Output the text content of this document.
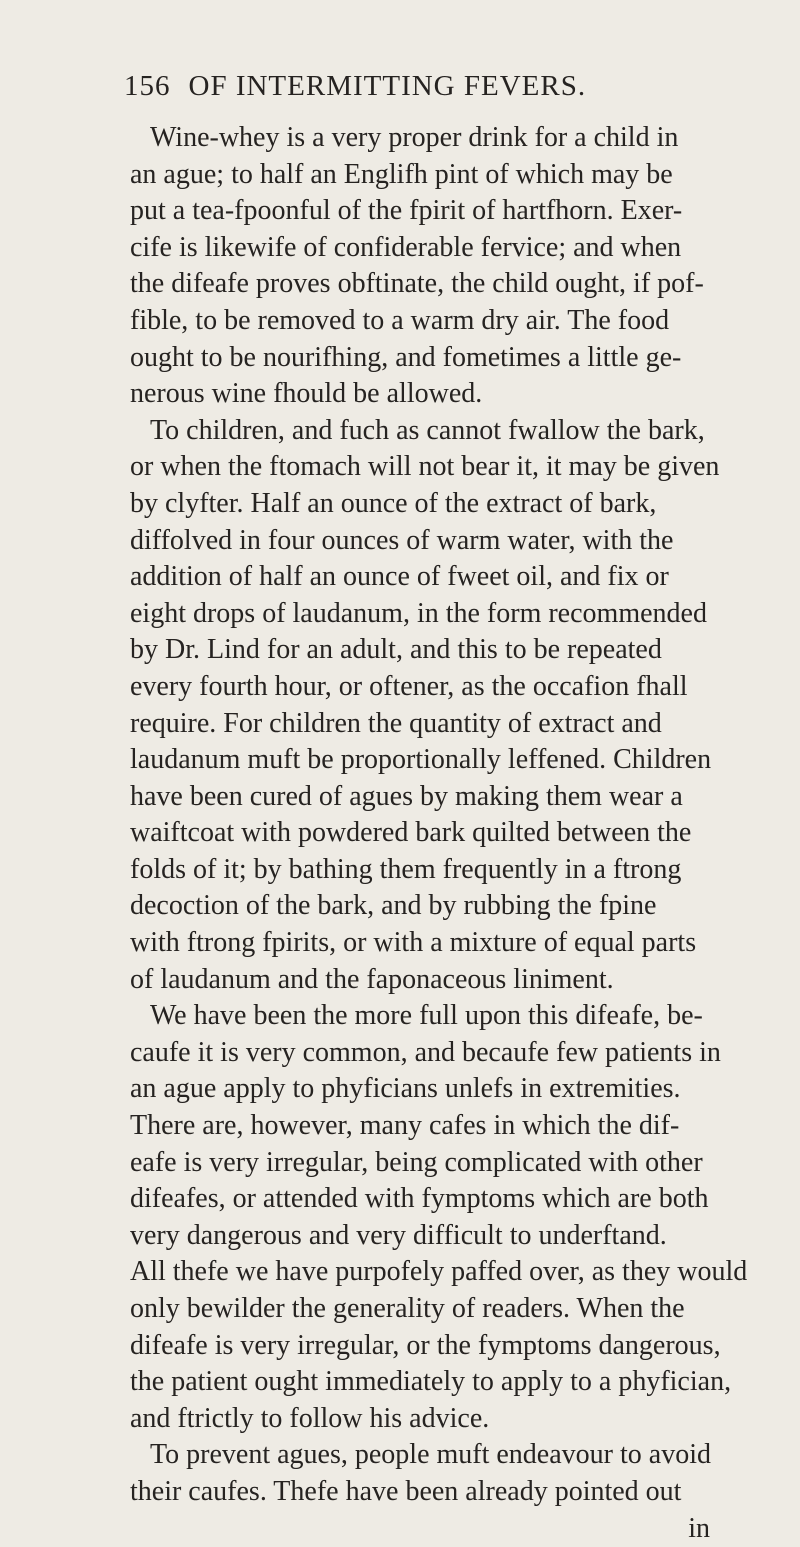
156 OF INTERMITTING FEVERS.

Wine-whey is a very proper drink for a child in
an ague; to half an Englifh pint of which may be
put a tea-fpoonful of the fpirit of hartfhorn. Exer-
cife is likewife of confiderable fervice; and when
the difeafe proves obftinate, the child ought, if pof-
fible, to be removed to a warm dry air. The food
ought to be nourifhing, and fometimes a little ge-
nerous wine fhould be allowed.

To children, and fuch as cannot fwallow the bark,
or when the ftomach will not bear it, it may be given
by clyfter. Half an ounce of the extract of bark,
diffolved in four ounces of warm water, with the
addition of half an ounce of fweet oil, and fix or
eight drops of laudanum, in the form recommended
by Dr. Lind for an adult, and this to be repeated
every fourth hour, or oftener, as the occafion fhall
require. For children the quantity of extract and
laudanum muft be proportionally leffened. Children
have been cured of agues by making them wear a
waiftcoat with powdered bark quilted between the
folds of it; by bathing them frequently in a ftrong
decoction of the bark, and by rubbing the fpine
with ftrong fpirits, or with a mixture of equal parts
of laudanum and the faponaceous liniment.

We have been the more full upon this difeafe, be-
caufe it is very common, and becaufe few patients in
an ague apply to phyficians unlefs in extremities.
There are, however, many cafes in which the dif-
eafe is very irregular, being complicated with other
difeafes, or attended with fymptoms which are both
very dangerous and very difficult to underftand.
All thefe we have purpofely paffed over, as they would
only bewilder the generality of readers. When the
difeafe is very irregular, or the fymptoms dangerous,
the patient ought immediately to apply to a phyfician,
and ftrictly to follow his advice.

To prevent agues, people muft endeavour to avoid
their caufes. Thefe have been already pointed out

in
